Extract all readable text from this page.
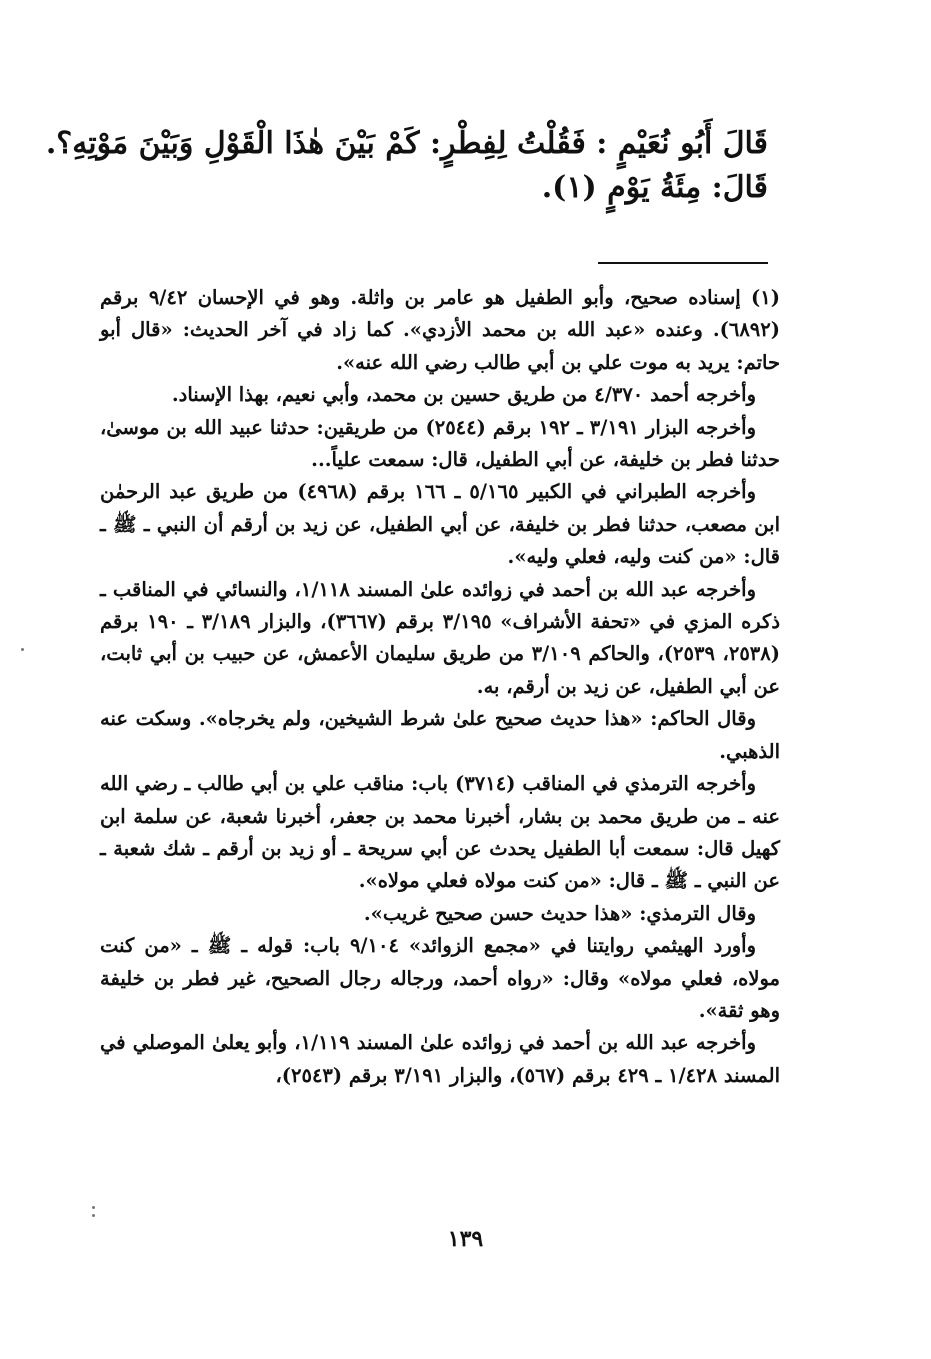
قَالَ أَبُو نُعَيْمٍ : فَقُلْتُ لِفِطْرٍ: كَمْ بَيْنَ هٰذَا الْقَوْلِ وَبَيْنَ مَوْتِهِ؟.
قَالَ: مِئَةُ يَوْمٍ (١).

(١) إسناده صحيح، وأبو الطفيل هو عامر بن واثلة. وهو في الإحسان ٩/٤٢ برقم (٦٨٩٢). وعنده «عبد الله بن محمد الأزدي». كما زاد في آخر الحديث: «قال أبو حاتم: يريد به موت علي بن أبي طالب رضي الله عنه».

وأخرجه أحمد ٤/٣٧٠ من طريق حسين بن محمد، وأبي نعيم، بهذا الإسناد.

وأخرجه البزار ٣/١٩١ ـ ١٩٢ برقم (٢٥٤٤) من طريقين: حدثنا عبيد الله بن موسىٰ، حدثنا فطر بن خليفة، عن أبي الطفيل، قال: سمعت علياً...

وأخرجه الطبراني في الكبير ٥/١٦٥ ـ ١٦٦ برقم (٤٩٦٨) من طريق عبد الرحمٰن ابن مصعب، حدثنا فطر بن خليفة، عن أبي الطفيل، عن زيد بن أرقم أن النبي ـ ﷺ ـ قال: «من كنت وليه، فعلي وليه».

وأخرجه عبد الله بن أحمد في زوائده علىٰ المسند ١/١١٨، والنسائي في المناقب ـ ذكره المزي في «تحفة الأشراف» ٣/١٩٥ برقم (٣٦٦٧)، والبزار ٣/١٨٩ ـ ١٩٠ برقم (٢٥٣٨، ٢٥٣٩)، والحاكم ٣/١٠٩ من طريق سليمان الأعمش، عن حبيب بن أبي ثابت، عن أبي الطفيل، عن زيد بن أرقم، به.

وقال الحاكم: «هذا حديث صحيح علىٰ شرط الشيخين، ولم يخرجاه». وسكت عنه الذهبي.

وأخرجه الترمذي في المناقب (٣٧١٤) باب: مناقب علي بن أبي طالب ـ رضي الله عنه ـ من طريق محمد بن بشار، أخبرنا محمد بن جعفر، أخبرنا شعبة، عن سلمة ابن كهيل قال: سمعت أبا الطفيل يحدث عن أبي سريحة ـ أو زيد بن أرقم ـ شك شعبة ـ عن النبي ـ ﷺ ـ قال: «من كنت مولاه فعلي مولاه».

وقال الترمذي: «هذا حديث حسن صحيح غريب».

وأورد الهيثمي روايتنا في «مجمع الزوائد» ٩/١٠٤ باب: قوله ـ ﷺ ـ «من كنت مولاه، فعلي مولاه» وقال: «رواه أحمد، ورجاله رجال الصحيح، غير فطر بن خليفة وهو ثقة».

وأخرجه عبد الله بن أحمد في زوائده علىٰ المسند ١/١١٩، وأبو يعلىٰ الموصلي في المسند ١/٤٢٨ ـ ٤٢٩ برقم (٥٦٧)، والبزار ٣/١٩١ برقم (٢٥٤٣)،

١٣٩
